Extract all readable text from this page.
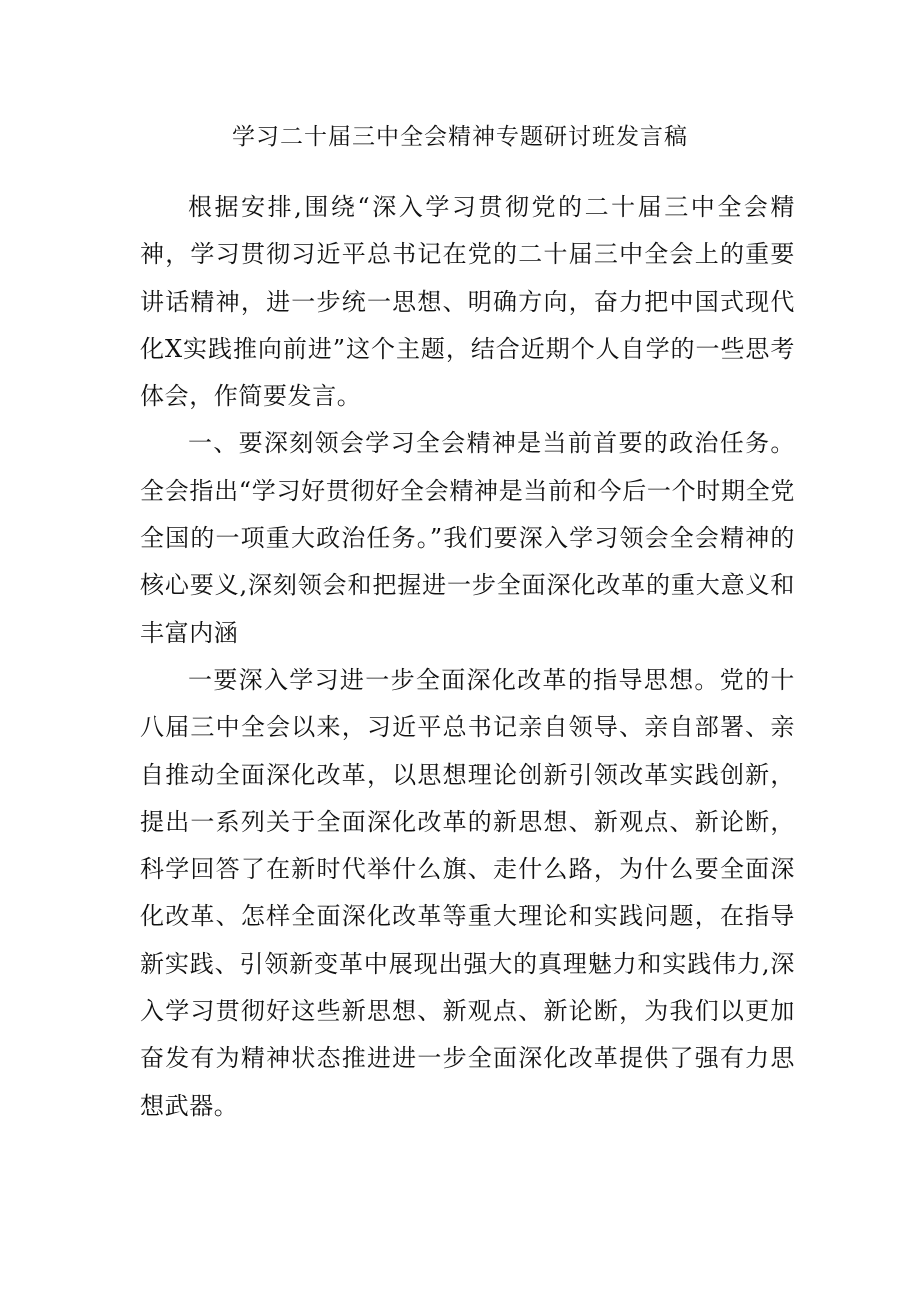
学习二十届三中全会精神专题研讨班发言稿

根据安排,围绕“深入学习贯彻党的二十届三中全会精神，学习贯彻习近平总书记在党的二十届三中全会上的重要讲话精神，进一步统一思想、明确方向，奋力把中国式现代化X实践推向前进”这个主题，结合近期个人自学的一些思考体会，作简要发言。

一、要深刻领会学习全会精神是当前首要的政治任务。全会指出“学习好贯彻好全会精神是当前和今后一个时期全党全国的一项重大政治任务。”我们要深入学习领会全会精神的核心要义,深刻领会和把握进一步全面深化改革的重大意义和丰富内涵

一要深入学习进一步全面深化改革的指导思想。党的十八届三中全会以来，习近平总书记亲自领导、亲自部署、亲自推动全面深化改革，以思想理论创新引领改革实践创新，提出一系列关于全面深化改革的新思想、新观点、新论断，科学回答了在新时代举什么旗、走什么路，为什么要全面深化改革、怎样全面深化改革等重大理论和实践问题，在指导新实践、引领新变革中展现出强大的真理魅力和实践伟力,深入学习贯彻好这些新思想、新观点、新论断，为我们以更加奋发有为精神状态推进进一步全面深化改革提供了强有力思想武器。
